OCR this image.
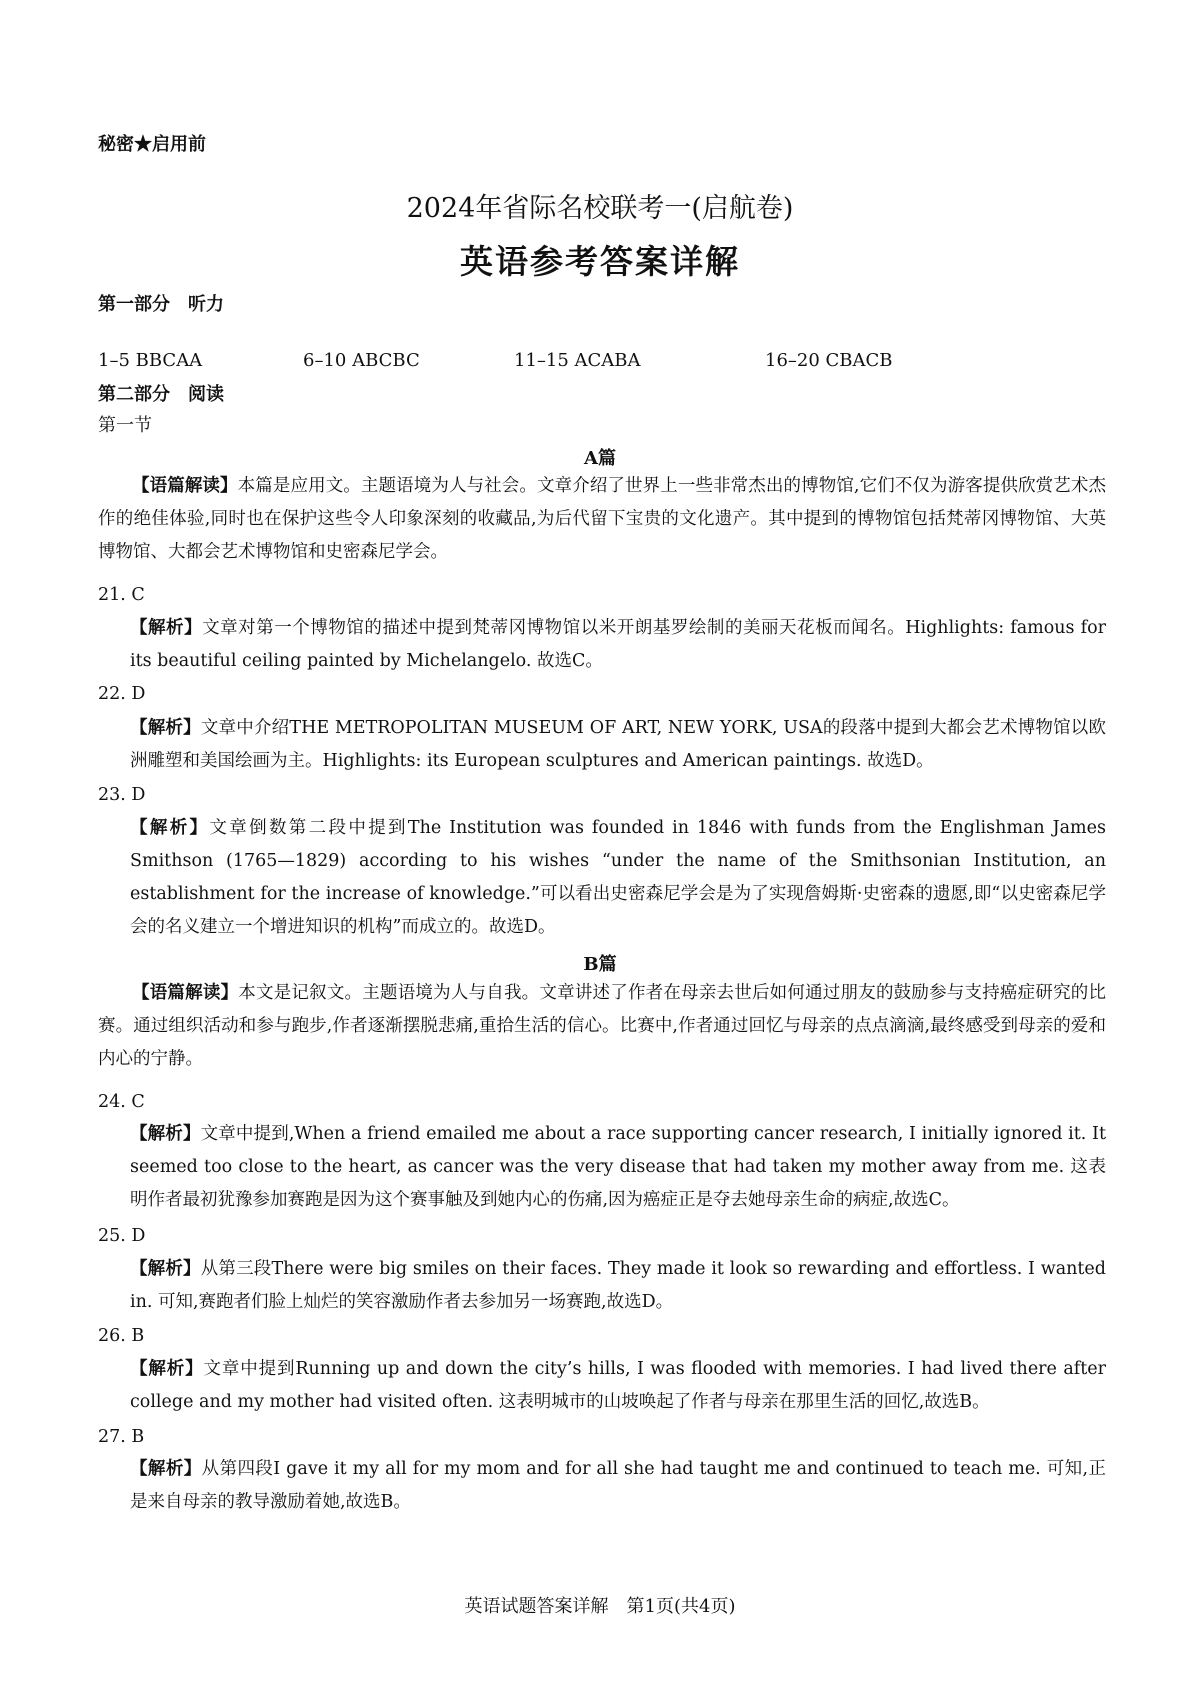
秘密★启用前
2024年省际名校联考一(启航卷)
英语参考答案详解
第一部分　听力
1–5 BBCAA	6–10 ABCBC	11–15 ACABA	16–20 CBACB
第二部分　阅读
第一节
A篇
【语篇解读】本篇是应用文。主题语境为人与社会。文章介绍了世界上一些非常杰出的博物馆,它们不仅为游客提供欣赏艺术杰作的绝佳体验,同时也在保护这些令人印象深刻的收藏品,为后代留下宝贵的文化遗产。其中提到的博物馆包括梵蒂冈博物馆、大英博物馆、大都会艺术博物馆和史密森尼学会。
21. C
【解析】文章对第一个博物馆的描述中提到梵蒂冈博物馆以米开朗基罗绘制的美丽天花板而闻名。Highlights: famous for its beautiful ceiling painted by Michelangelo. 故选C。
22. D
【解析】文章中介绍THE METROPOLITAN MUSEUM OF ART, NEW YORK, USA的段落中提到大都会艺术博物馆以欧洲雕塑和美国绘画为主。Highlights: its European sculptures and American paintings. 故选D。
23. D
【解析】文章倒数第二段中提到The Institution was founded in 1846 with funds from the Englishman James Smithson (1765—1829) according to his wishes “under the name of the Smithsonian Institution, an establishment for the increase of knowledge.”可以看出史密森尼学会是为了实现詹姆斯·史密森的遗愿,即“以史密森尼学会的名义建立一个增进知识的机构”而成立的。故选D。
B篇
【语篇解读】本文是记叙文。主题语境为人与自我。文章讲述了作者在母亲去世后如何通过朋友的鼓励参与支持癌症研究的比赛。通过组织活动和参与跑步,作者逐渐摆脱悲痛,重拾生活的信心。比赛中,作者通过回忆与母亲的点点滴滴,最终感受到母亲的爱和内心的宁静。
24. C
【解析】文章中提到,When a friend emailed me about a race supporting cancer research, I initially ignored it. It seemed too close to the heart, as cancer was the very disease that had taken my mother away from me. 这表明作者最初犹豫参加赛跑是因为这个赛事触及到她内心的伤痛,因为癌症正是夺去她母亲生命的病症,故选C。
25. D
【解析】从第三段There were big smiles on their faces. They made it look so rewarding and effortless. I wanted in. 可知,赛跑者们脸上灿烂的笑容激励作者去参加另一场赛跑,故选D。
26. B
【解析】文章中提到Running up and down the city’s hills, I was flooded with memories. I had lived there after college and my mother had visited often. 这表明城市的山坡唤起了作者与母亲在那里生活的回忆,故选B。
27. B
【解析】从第四段I gave it my all for my mom and for all she had taught me and continued to teach me. 可知,正是来自母亲的教导激励着她,故选B。
英语试题答案详解　第1页(共4页)
